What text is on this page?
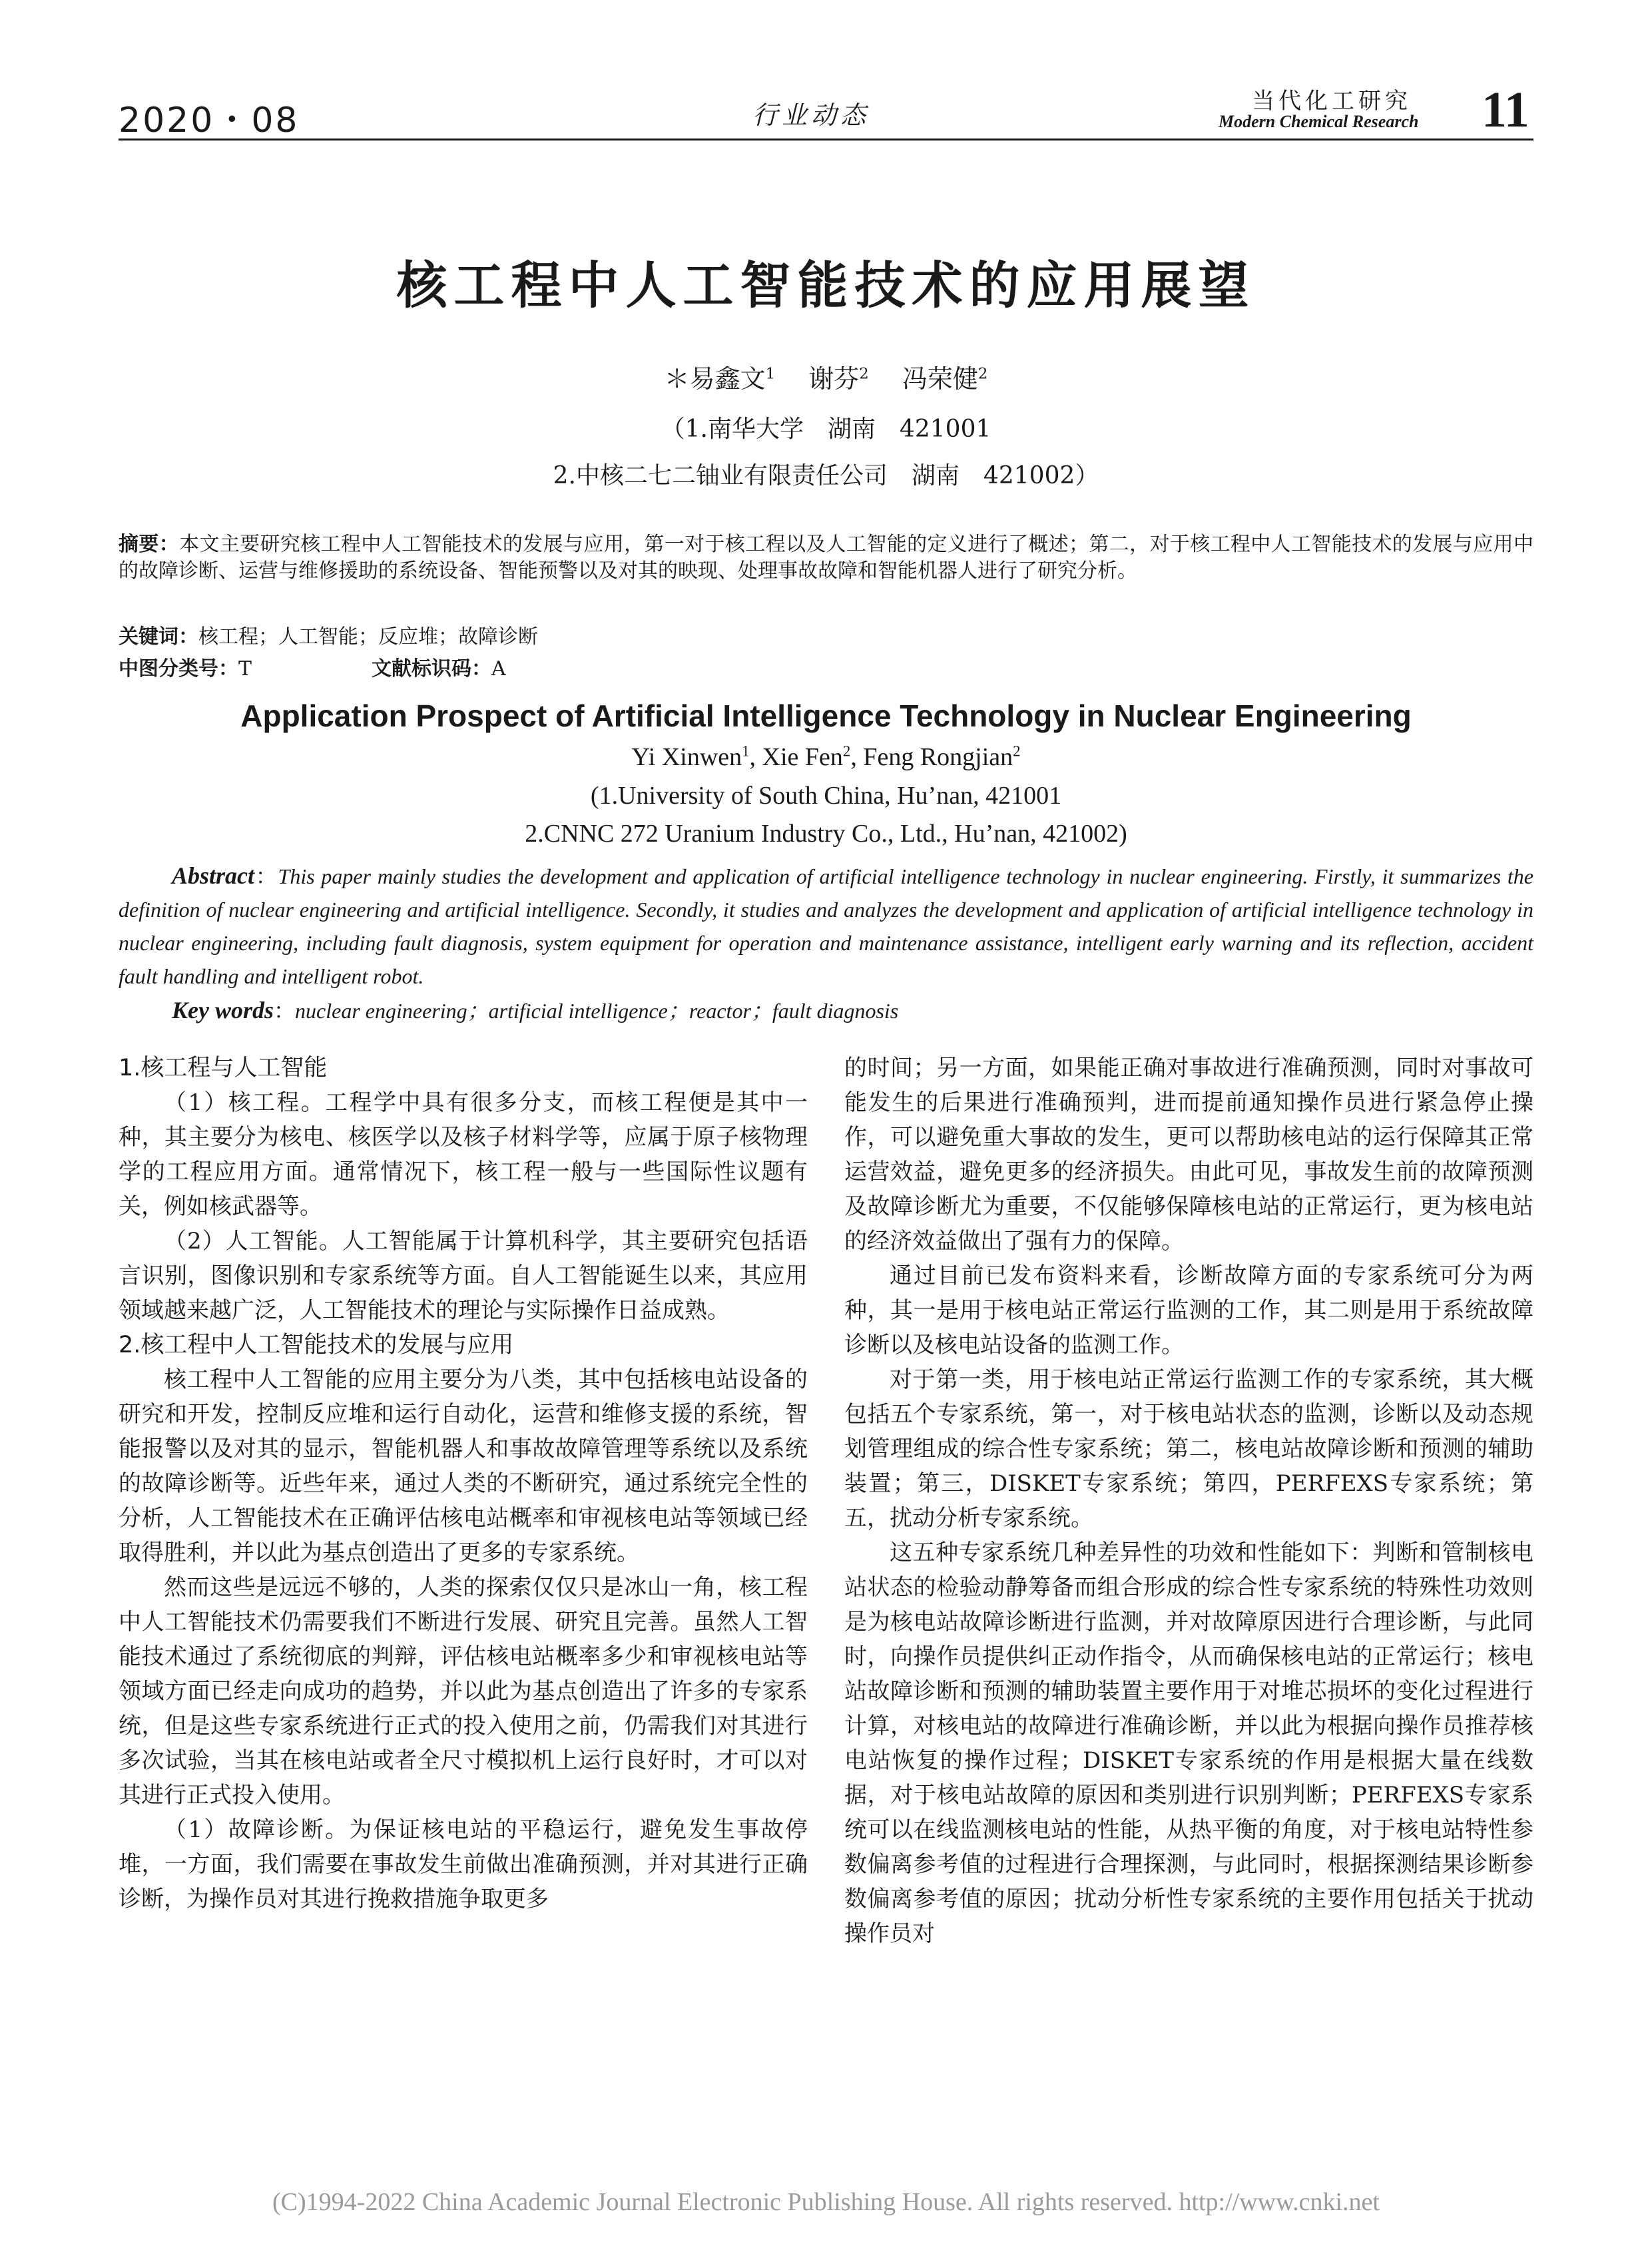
2020・08	行业动态	当代化工研究
Modern Chemical Research 11
核工程中人工智能技术的应用展望
＊易鑫文$^1$  谢芬$^2$  冯荣健$^2$
（1.南华大学　湖南　421001
2.中核二七二铀业有限责任公司　湖南　421002）
摘要：本文主要研究核工程中人工智能技术的发展与应用，第一对于核工程以及人工智能的定义进行了概述；第二，对于核工程中人工智能技术的发展与应用中的故障诊断、运营与维修援助的系统设备、智能预警以及对其的映现、处理事故故障和智能机器人进行了研究分析。
关键词：核工程；人工智能；反应堆；故障诊断
中图分类号：T	文献标识码：A
Application Prospect of Artificial Intelligence Technology in Nuclear Engineering
Yi Xinwen$^1$, Xie Fen$^2$, Feng Rongjian$^2$
(1.University of South China, Hu’nan, 421001
2.CNNC 272 Uranium Industry Co., Ltd., Hu’nan, 421002)
Abstract：This paper mainly studies the development and application of artificial intelligence technology in nuclear engineering. Firstly, it summarizes the definition of nuclear engineering and artificial intelligence. Secondly, it studies and analyzes the development and application of artificial intelligence technology in nuclear engineering, including fault diagnosis, system equipment for operation and maintenance assistance, intelligent early warning and its reflection, accident fault handling and intelligent robot.
Key words：nuclear engineering；artificial intelligence；reactor；fault diagnosis
1.核工程与人工智能

（1）核工程。工程学中具有很多分支，而核工程便是其中一种，其主要分为核电、核医学以及核子材料学等，应属于原子核物理学的工程应用方面。通常情况下，核工程一般与一些国际性议题有关，例如核武器等。

（2）人工智能。人工智能属于计算机科学，其主要研究包括语言识别，图像识别和专家系统等方面。自人工智能诞生以来，其应用领域越来越广泛，人工智能技术的理论与实际操作日益成熟。

2.核工程中人工智能技术的发展与应用

核工程中人工智能的应用主要分为八类，其中包括核电站设备的研究和开发，控制反应堆和运行自动化，运营和维修支援的系统，智能报警以及对其的显示，智能机器人和事故故障管理等系统以及系统的故障诊断等。近些年来，通过人类的不断研究，通过系统完全性的分析，人工智能技术在正确评估核电站概率和审视核电站等领域已经取得胜利，并以此为基点创造出了更多的专家系统。

然而这些是远远不够的，人类的探索仅仅只是冰山一角，核工程中人工智能技术仍需要我们不断进行发展、研究且完善。虽然人工智能技术通过了系统彻底的判辩，评估核电站概率多少和审视核电站等领域方面已经走向成功的趋势，并以此为基点创造出了许多的专家系统，但是这些专家系统进行正式的投入使用之前，仍需我们对其进行多次试验，当其在核电站或者全尺寸模拟机上运行良好时，才可以对其进行正式投入使用。

（1）故障诊断。为保证核电站的平稳运行，避免发生事故停堆，一方面，我们需要在事故发生前做出准确预测，并对其进行正确诊断，为操作员对其进行挽救措施争取更多

的时间；另一方面，如果能正确对事故进行准确预测，同时对事故可能发生的后果进行准确预判，进而提前通知操作员进行紧急停止操作，可以避免重大事故的发生，更可以帮助核电站的运行保障其正常运营效益，避免更多的经济损失。由此可见，事故发生前的故障预测及故障诊断尤为重要，不仅能够保障核电站的正常运行，更为核电站的经济效益做出了强有力的保障。

通过目前已发布资料来看，诊断故障方面的专家系统可分为两种，其一是用于核电站正常运行监测的工作，其二则是用于系统故障诊断以及核电站设备的监测工作。

对于第一类，用于核电站正常运行监测工作的专家系统，其大概包括五个专家系统，第一，对于核电站状态的监测，诊断以及动态规划管理组成的综合性专家系统；第二，核电站故障诊断和预测的辅助装置；第三，DISKET专家系统；第四，PERFEXS专家系统；第五，扰动分析专家系统。

这五种专家系统几种差异性的功效和性能如下：判断和管制核电站状态的检验动静筹备而组合形成的综合性专家系统的特殊性功效则是为核电站故障诊断进行监测，并对故障原因进行合理诊断，与此同时，向操作员提供纠正动作指令，从而确保核电站的正常运行；核电站故障诊断和预测的辅助装置主要作用于对堆芯损坏的变化过程进行计算，对核电站的故障进行准确诊断，并以此为根据向操作员推荐核电站恢复的操作过程；DISKET专家系统的作用是根据大量在线数据，对于核电站故障的原因和类别进行识别判断；PERFEXS专家系统可以在线监测核电站的性能，从热平衡的角度，对于核电站特性参数偏离参考值的过程进行合理探测，与此同时，根据探测结果诊断参数偏离参考值的原因；扰动分析性专家系统的主要作用包括关于扰动操作员对

(C)1994-2022 China Academic Journal Electronic Publishing House. All rights reserved. http://www.cnki.net
